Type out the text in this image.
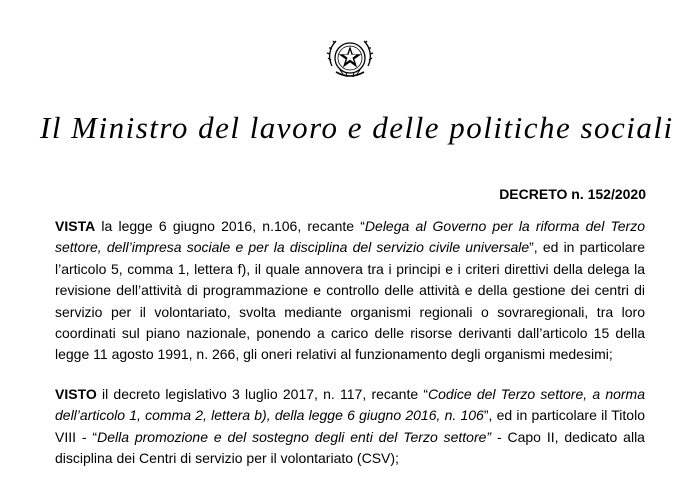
Il Ministro del lavoro e delle politiche sociali
DECRETO n. 152/2020

VISTA la legge 6 giugno 2016, n.106, recante “Delega al Governo per la riforma del Terzo settore, dell’impresa sociale e per la disciplina del servizio civile universale”, ed in particolare l’articolo 5, comma 1, lettera f), il quale annovera tra i principi e i criteri direttivi della delega la revisione dell’attività di programmazione e controllo delle attività e della gestione dei centri di servizio per il volontariato, svolta mediante organismi regionali o sovraregionali, tra loro coordinati sul piano nazionale, ponendo a carico delle risorse derivanti dall’articolo 15 della legge 11 agosto 1991, n. 266, gli oneri relativi al funzionamento degli organismi medesimi;

VISTO il decreto legislativo 3 luglio 2017, n. 117, recante “Codice del Terzo settore, a norma dell’articolo 1, comma 2, lettera b), della legge 6 giugno 2016, n. 106”, ed in particolare il Titolo VIII - “Della promozione e del sostegno degli enti del Terzo settore” - Capo II, dedicato alla disciplina dei Centri di servizio per il volontariato (CSV);
